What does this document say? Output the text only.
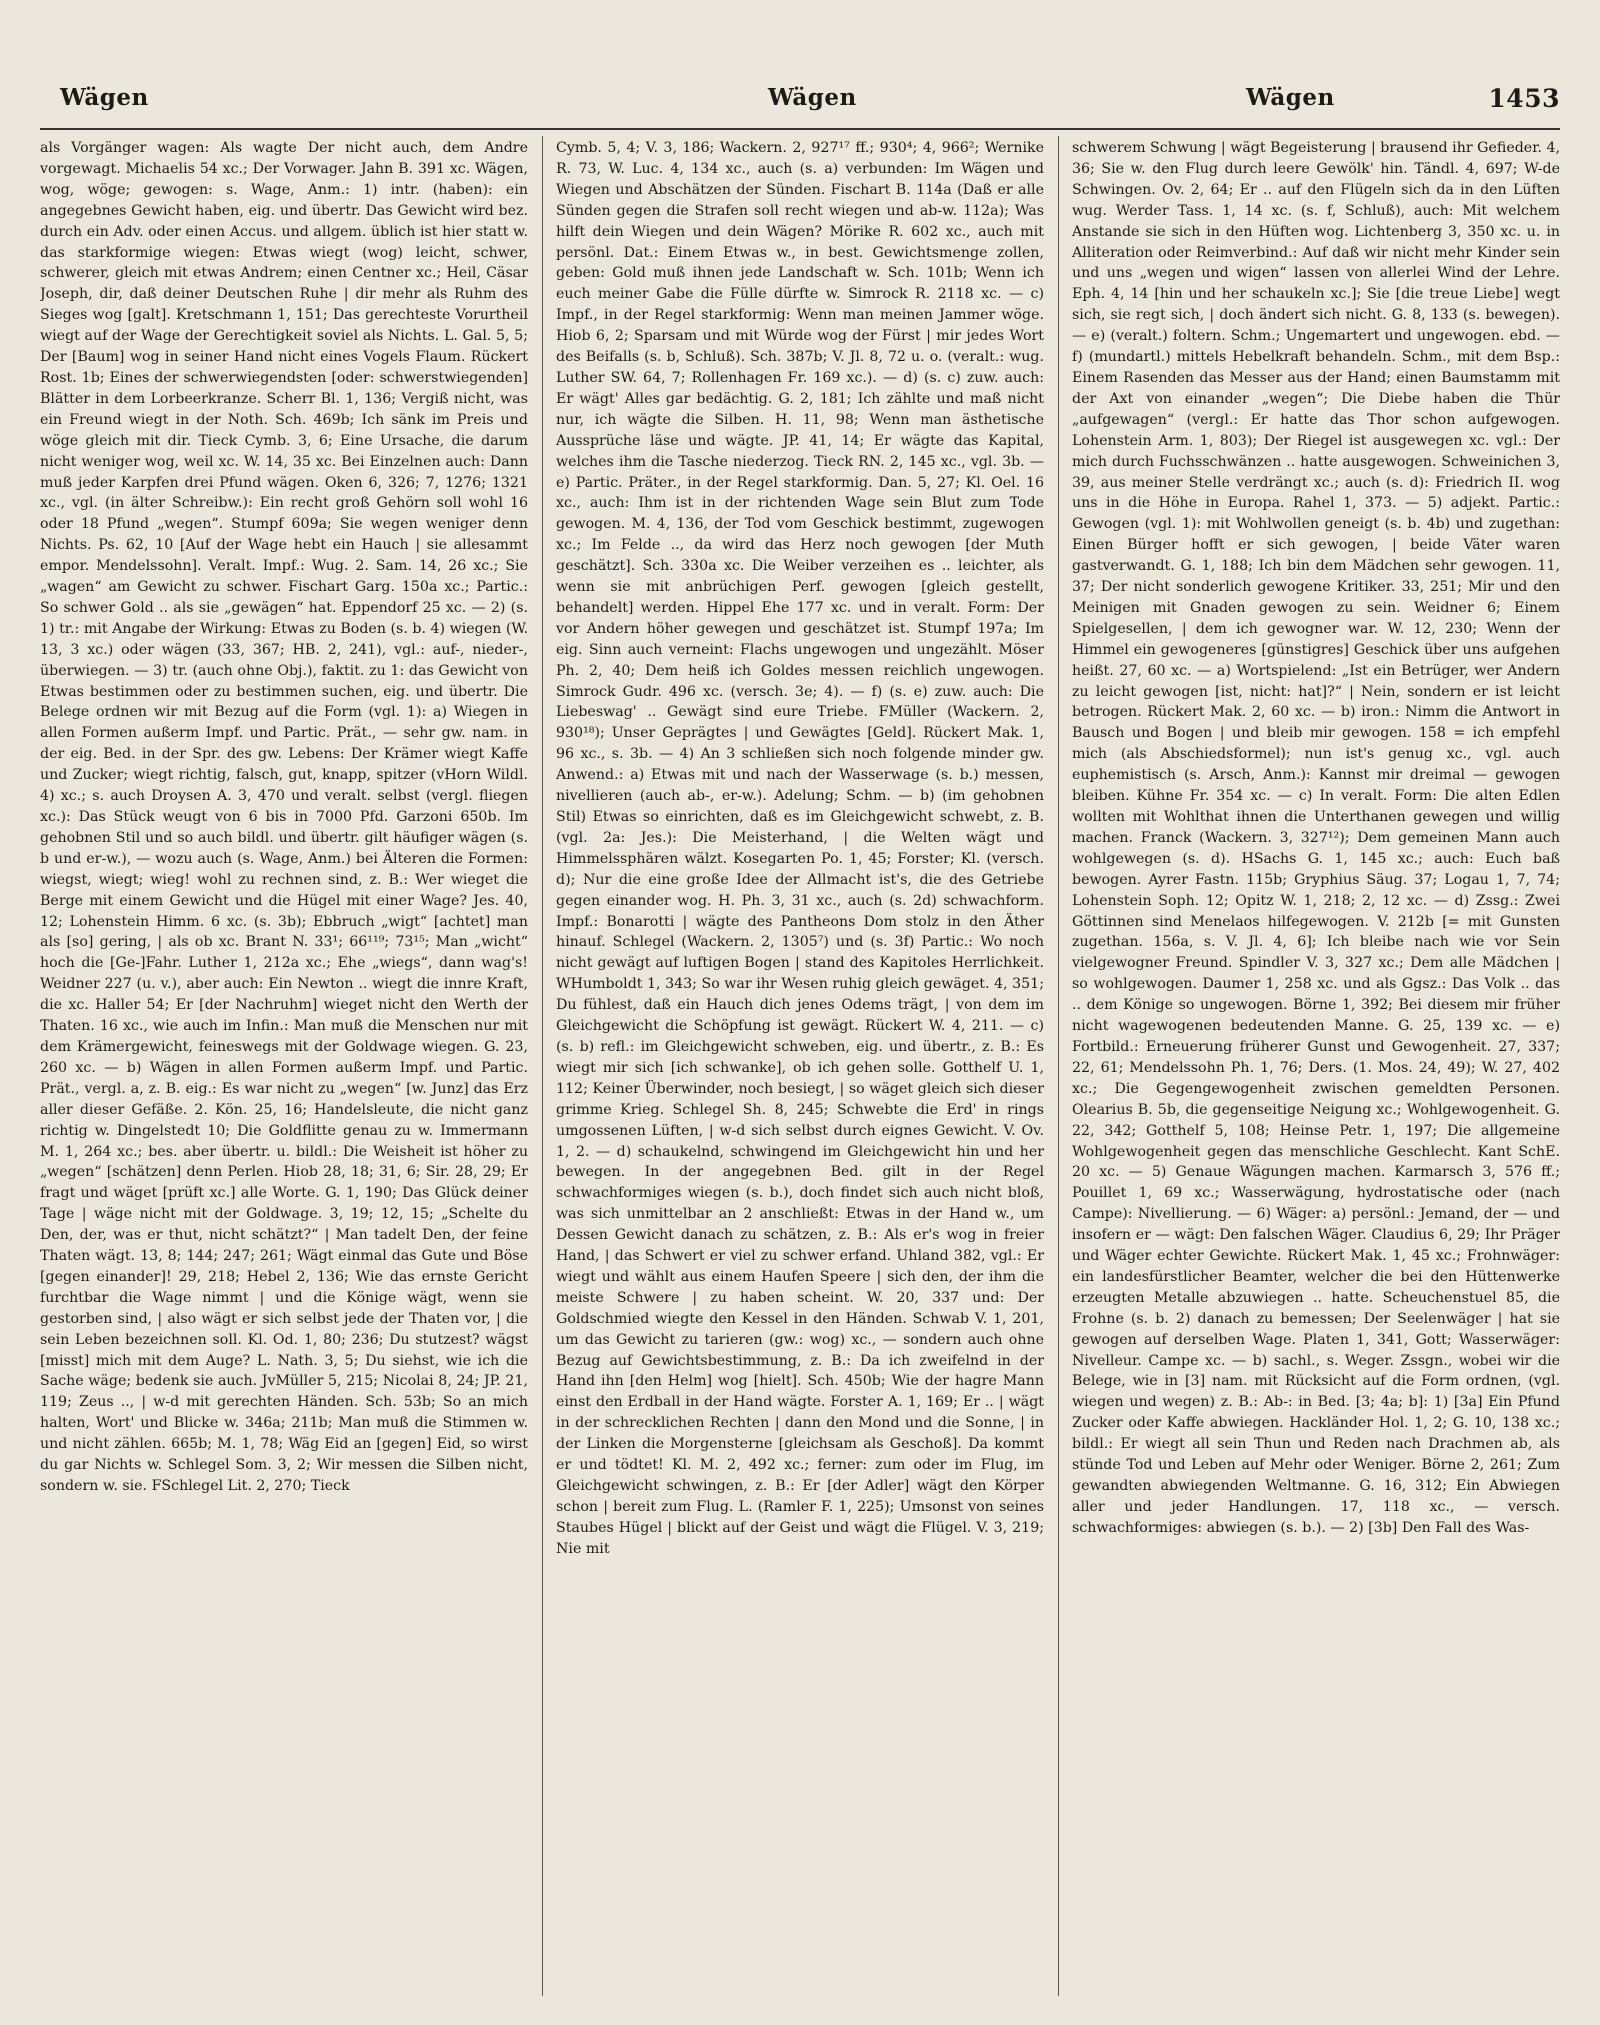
Wägen	Wägen	Wägen	1453

als Vorgänger wagen: Als wagte Der nicht auch, dem Andre vorgewagt. Michaelis 54 xc.; Der Vorwager. Jahn B. 391 xc. Wägen, wog, wöge; gewogen: s. Wage, Anm.: 1) intr. (haben): ein angegebnes Gewicht haben, eig. und übertr. Das Gewicht wird bez. durch ein Adv. oder einen Accus. und allgem. üblich ist hier statt w. das starkformige wiegen: Etwas wiegt (wog) leicht, schwer, schwerer, gleich mit etwas Andrem; einen Centner xc.; Heil, Cäsar Joseph, dir, daß deiner Deutschen Ruhe | dir mehr als Ruhm des Sieges wog [galt]. Kretschmann 1, 151; Das gerechteste Vorurtheil wiegt auf der Wage der Gerechtigkeit soviel als Nichts. L. Gal. 5, 5; Der [Baum] wog in seiner Hand nicht eines Vogels Flaum. Rückert Rost. 1b; Eines der schwerwiegendsten [oder: schwerstwiegenden] Blätter in dem Lorbeerkranze. Scherr Bl. 1, 136; Vergiß nicht, was ein Freund wiegt in der Noth. Sch. 469b; Ich sänk im Preis und wöge gleich mit dir. Tieck Cymb. 3, 6; Eine Ursache, die darum nicht weniger wog, weil xc. W. 14, 35 xc. Bei Einzelnen auch: Dann muß jeder Karpfen drei Pfund wägen. Oken 6, 326; 7, 1276; 1321 xc., vgl. (in älter Schreibw.): Ein recht groß Gehörn soll wohl 16 oder 18 Pfund „wegen“. Stumpf 609a; Sie wegen weniger denn Nichts. Ps. 62, 10 [Auf der Wage hebt ein Hauch | sie allesammt empor. Mendelssohn]. Veralt. Impf.: Wug. 2. Sam. 14, 26 xc.; Sie „wagen“ am Gewicht zu schwer. Fischart Garg. 150a xc.; Partic.: So schwer Gold .. als sie „gewägen“ hat. Eppendorf 25 xc. — 2) (s. 1) tr.: mit Angabe der Wirkung: Etwas zu Boden (s. b. 4) wiegen (W. 13, 3 xc.) oder wägen (33, 367; HB. 2, 241), vgl.: auf-, nieder-, überwiegen. — 3) tr. (auch ohne Obj.), faktit. zu 1: das Gewicht von Etwas bestimmen oder zu bestimmen suchen, eig. und übertr. Die Belege ordnen wir mit Bezug auf die Form (vgl. 1): a) Wiegen in allen Formen außerm Impf. und Partic. Prät., — sehr gw. nam. in der eig. Bed. in der Spr. des gw. Lebens: Der Krämer wiegt Kaffe und Zucker; wiegt richtig, falsch, gut, knapp, spitzer (vHorn Wildl. 4) xc.; s. auch Droysen A. 3, 470 und veralt. selbst (vergl. fliegen xc.): Das Stück weugt von 6 bis in 7000 Pfd. Garzoni 650b. Im gehobnen Stil und so auch bildl. und übertr. gilt häufiger wägen (s. b und er-w.), — wozu auch (s. Wage, Anm.) bei Älteren die Formen: wiegst, wiegt; wieg! wohl zu rechnen sind, z. B.: Wer wieget die Berge mit einem Gewicht und die Hügel mit einer Wage? Jes. 40, 12; Lohenstein Himm. 6 xc. (s. 3b); Ebbruch „wigt“ [achtet] man als [so] gering, | als ob xc. Brant N. 33¹; 66¹¹⁹; 73¹⁵; Man „wicht“ hoch die [Ge-]Fahr. Luther 1, 212a xc.; Ehe „wiegs“, dann wag's! Weidner 227 (u. v.), aber auch: Ein Newton .. wiegt die innre Kraft, die xc. Haller 54; Er [der Nachruhm] wieget nicht den Werth der Thaten. 16 xc., wie auch im Infin.: Man muß die Menschen nur mit dem Krämergewicht, feineswegs mit der Goldwage wiegen. G. 23, 260 xc. — b) Wägen in allen Formen außerm Impf. und Partic. Prät., vergl. a, z. B. eig.: Es war nicht zu „wegen“ [w. Junz] das Erz aller dieser Gefäße. 2. Kön. 25, 16; Handelsleute, die nicht ganz richtig w. Dingelstedt 10; Die Goldflitte genau zu w. Immermann M. 1, 264 xc.; bes. aber übertr. u. bildl.: Die Weisheit ist höher zu „wegen“ [schätzen] denn Perlen. Hiob 28, 18; 31, 6; Sir. 28, 29; Er fragt und wäget [prüft xc.] alle Worte. G. 1, 190; Das Glück deiner Tage | wäge nicht mit der Goldwage. 3, 19; 12, 15; „Schelte du Den, der, was er thut, nicht schätzt?“ | Man tadelt Den, der feine Thaten wägt. 13, 8; 144; 247; 261; Wägt einmal das Gute und Böse [gegen einander]! 29, 218; Hebel 2, 136; Wie das ernste Gericht furchtbar die Wage nimmt | und die Könige wägt, wenn sie gestorben sind, | also wägt er sich selbst jede der Thaten vor, | die sein Leben bezeichnen soll. Kl. Od. 1, 80; 236; Du stutzest? wägst [misst] mich mit dem Auge? L. Nath. 3, 5; Du siehst, wie ich die Sache wäge; bedenk sie auch. JvMüller 5, 215; Nicolai 8, 24; JP. 21, 119; Zeus .., | w-d mit gerechten Händen. Sch. 53b; So an mich halten, Wort' und Blicke w. 346a; 211b; Man muß die Stimmen w. und nicht zählen. 665b; M. 1, 78; Wäg Eid an [gegen] Eid, so wirst du gar Nichts w. Schlegel Som. 3, 2; Wir messen die Silben nicht, sondern w. sie. FSchlegel Lit. 2, 270; Tieck

Cymb. 5, 4; V. 3, 186; Wackern. 2, 927¹⁷ ff.; 930⁴; 4, 966²; Wernike R. 73, W. Luc. 4, 134 xc., auch (s. a) verbunden: Im Wägen und Wiegen und Abschätzen der Sünden. Fischart B. 114a (Daß er alle Sünden gegen die Strafen soll recht wiegen und ab-w. 112a); Was hilft dein Wiegen und dein Wägen? Mörike R. 602 xc., auch mit persönl. Dat.: Einem Etwas w., in best. Gewichtsmenge zollen, geben: Gold muß ihnen jede Landschaft w. Sch. 101b; Wenn ich euch meiner Gabe die Fülle dürfte w. Simrock R. 2118 xc. — c) Impf., in der Regel starkformig: Wenn man meinen Jammer wöge. Hiob 6, 2; Sparsam und mit Würde wog der Fürst | mir jedes Wort des Beifalls (s. b, Schluß). Sch. 387b; V. Jl. 8, 72 u. o. (veralt.: wug. Luther SW. 64, 7; Rollenhagen Fr. 169 xc.). — d) (s. c) zuw. auch: Er wägt' Alles gar bedächtig. G. 2, 181; Ich zählte und maß nicht nur, ich wägte die Silben. H. 11, 98; Wenn man ästhetische Aussprüche läse und wägte. JP. 41, 14; Er wägte das Kapital, welches ihm die Tasche niederzog. Tieck RN. 2, 145 xc., vgl. 3b. — e) Partic. Präter., in der Regel starkformig. Dan. 5, 27; Kl. Oel. 16 xc., auch: Ihm ist in der richtenden Wage sein Blut zum Tode gewogen. M. 4, 136, der Tod vom Geschick bestimmt, zugewogen xc.; Im Felde .., da wird das Herz noch gewogen [der Muth geschätzt]. Sch. 330a xc. Die Weiber verzeihen es .. leichter, als wenn sie mit anbrüchigen Perf. gewogen [gleich gestellt, behandelt] werden. Hippel Ehe 177 xc. und in veralt. Form: Der vor Andern höher gewegen und geschätzet ist. Stumpf 197a; Im eig. Sinn auch verneint: Flachs ungewogen und ungezählt. Möser Ph. 2, 40; Dem heiß ich Goldes messen reichlich ungewogen. Simrock Gudr. 496 xc. (versch. 3e; 4). — f) (s. e) zuw. auch: Die Liebeswag' .. Gewägt sind eure Triebe. FMüller (Wackern. 2, 930¹⁸); Unser Geprägtes | und Gewägtes [Geld]. Rückert Mak. 1, 96 xc., s. 3b. — 4) An 3 schließen sich noch folgende minder gw. Anwend.: a) Etwas mit und nach der Wasserwage (s. b.) messen, nivellieren (auch ab-, er-w.). Adelung; Schm. — b) (im gehobnen Stil) Etwas so einrichten, daß es im Gleichgewicht schwebt, z. B. (vgl. 2a: Jes.): Die Meisterhand, | die Welten wägt und Himmelssphären wälzt. Kosegarten Po. 1, 45; Forster; Kl. (versch. d); Nur die eine große Idee der Allmacht ist's, die des Getriebe gegen einander wog. H. Ph. 3, 31 xc., auch (s. 2d) schwachform. Impf.: Bonarotti | wägte des Pantheons Dom stolz in den Äther hinauf. Schlegel (Wackern. 2, 1305⁷) und (s. 3f) Partic.: Wo noch nicht gewägt auf luftigen Bogen | stand des Kapitoles Herrlichkeit. WHumboldt 1, 343; So war ihr Wesen ruhig gleich gewäget. 4, 351; Du fühlest, daß ein Hauch dich jenes Odems trägt, | von dem im Gleichgewicht die Schöpfung ist gewägt. Rückert W. 4, 211. — c) (s. b) refl.: im Gleichgewicht schweben, eig. und übertr., z. B.: Es wiegt mir sich [ich schwanke], ob ich gehen solle. Gotthelf U. 1, 112; Keiner Überwinder, noch besiegt, | so wäget gleich sich dieser grimme Krieg. Schlegel Sh. 8, 245; Schwebte die Erd' in rings umgossenen Lüften, | w-d sich selbst durch eignes Gewicht. V. Ov. 1, 2. — d) schaukelnd, schwingend im Gleichgewicht hin und her bewegen. In der angegebnen Bed. gilt in der Regel schwachformiges wiegen (s. b.), doch findet sich auch nicht bloß, was sich unmittelbar an 2 anschließt: Etwas in der Hand w., um Dessen Gewicht danach zu schätzen, z. B.: Als er's wog in freier Hand, | das Schwert er viel zu schwer erfand. Uhland 382, vgl.: Er wiegt und wählt aus einem Haufen Speere | sich den, der ihm die meiste Schwere | zu haben scheint. W. 20, 337 und: Der Goldschmied wiegte den Kessel in den Händen. Schwab V. 1, 201, um das Gewicht zu tarieren (gw.: wog) xc., — sondern auch ohne Bezug auf Gewichtsbestimmung, z. B.: Da ich zweifelnd in der Hand ihn [den Helm] wog [hielt]. Sch. 450b; Wie der hagre Mann einst den Erdball in der Hand wägte. Forster A. 1, 169; Er .. | wägt in der schrecklichen Rechten | dann den Mond und die Sonne, | in der Linken die Morgensterne [gleichsam als Geschoß]. Da kommt er und tödtet! Kl. M. 2, 492 xc.; ferner: zum oder im Flug, im Gleichgewicht schwingen, z. B.: Er [der Adler] wägt den Körper schon | bereit zum Flug. L. (Ramler F. 1, 225); Umsonst von seines Staubes Hügel | blickt auf der Geist und wägt die Flügel. V. 3, 219; Nie mit

schwerem Schwung | wägt Begeisterung | brausend ihr Gefieder. 4, 36; Sie w. den Flug durch leere Gewölk' hin. Tändl. 4, 697; W-de Schwingen. Ov. 2, 64; Er .. auf den Flügeln sich da in den Lüften wug. Werder Tass. 1, 14 xc. (s. f, Schluß), auch: Mit welchem Anstande sie sich in den Hüften wog. Lichtenberg 3, 350 xc. u. in Alliteration oder Reimverbind.: Auf daß wir nicht mehr Kinder sein und uns „wegen und wigen“ lassen von allerlei Wind der Lehre. Eph. 4, 14 [hin und her schaukeln xc.]; Sie [die treue Liebe] wegt sich, sie regt sich, | doch ändert sich nicht. G. 8, 133 (s. bewegen). — e) (veralt.) foltern. Schm.; Ungemartert und ungewogen. ebd. — f) (mundartl.) mittels Hebelkraft behandeln. Schm., mit dem Bsp.: Einem Rasenden das Messer aus der Hand; einen Baumstamm mit der Axt von einander „wegen“; Die Diebe haben die Thür „aufgewagen“ (vergl.: Er hatte das Thor schon aufgewogen. Lohenstein Arm. 1, 803); Der Riegel ist ausgewegen xc. vgl.: Der mich durch Fuchsschwänzen .. hatte ausgewogen. Schweinichen 3, 39, aus meiner Stelle verdrängt xc.; auch (s. d): Friedrich II. wog uns in die Höhe in Europa. Rahel 1, 373. — 5) adjekt. Partic.: Gewogen (vgl. 1): mit Wohlwollen geneigt (s. b. 4b) und zugethan: Einen Bürger hofft er sich gewogen, | beide Väter waren gastverwandt. G. 1, 188; Ich bin dem Mädchen sehr gewogen. 11, 37; Der nicht sonderlich gewogene Kritiker. 33, 251; Mir und den Meinigen mit Gnaden gewogen zu sein. Weidner 6; Einem Spielgesellen, | dem ich gewogner war. W. 12, 230; Wenn der Himmel ein gewogeneres [günstigres] Geschick über uns aufgehen heißt. 27, 60 xc. — a) Wortspielend: „Ist ein Betrüger, wer Andern zu leicht gewogen [ist, nicht: hat]?“ | Nein, sondern er ist leicht betrogen. Rückert Mak. 2, 60 xc. — b) iron.: Nimm die Antwort in Bausch und Bogen | und bleib mir gewogen. 158 = ich empfehl mich (als Abschiedsformel); nun ist's genug xc., vgl. auch euphemistisch (s. Arsch, Anm.): Kannst mir dreimal — gewogen bleiben. Kühne Fr. 354 xc. — c) In veralt. Form: Die alten Edlen wollten mit Wohlthat ihnen die Unterthanen gewegen und willig machen. Franck (Wackern. 3, 327¹²); Dem gemeinen Mann auch wohlgewegen (s. d). HSachs G. 1, 145 xc.; auch: Euch baß bewogen. Ayrer Fastn. 115b; Gryphius Säug. 37; Logau 1, 7, 74; Lohenstein Soph. 12; Opitz W. 1, 218; 2, 12 xc. — d) Zssg.: Zwei Göttinnen sind Menelaos hilfegewogen. V. 212b [= mit Gunsten zugethan. 156a, s. V. Jl. 4, 6]; Ich bleibe nach wie vor Sein vielgewogner Freund. Spindler V. 3, 327 xc.; Dem alle Mädchen | so wohlgewogen. Daumer 1, 258 xc. und als Ggsz.: Das Volk .. das .. dem Könige so ungewogen. Börne 1, 392; Bei diesem mir früher nicht wagewogenen bedeutenden Manne. G. 25, 139 xc. — e) Fortbild.: Erneuerung früherer Gunst und Gewogenheit. 27, 337; 22, 61; Mendelssohn Ph. 1, 76; Ders. (1. Mos. 24, 49); W. 27, 402 xc.; Die Gegengewogenheit zwischen gemeldten Personen. Olearius B. 5b, die gegenseitige Neigung xc.; Wohlgewogenheit. G. 22, 342; Gotthelf 5, 108; Heinse Petr. 1, 197; Die allgemeine Wohlgewogenheit gegen das menschliche Geschlecht. Kant SchE. 20 xc. — 5) Genaue Wägungen machen. Karmarsch 3, 576 ff.; Pouillet 1, 69 xc.; Wasserwägung, hydrostatische oder (nach Campe): Nivellierung. — 6) Wäger: a) persönl.: Jemand, der — und insofern er — wägt: Den falschen Wäger. Claudius 6, 29; Ihr Präger und Wäger echter Gewichte. Rückert Mak. 1, 45 xc.; Frohnwäger: ein landesfürstlicher Beamter, welcher die bei den Hüttenwerke erzeugten Metalle abzuwiegen .. hatte. Scheuchenstuel 85, die Frohne (s. b. 2) danach zu bemessen; Der Seelenwäger | hat sie gewogen auf derselben Wage. Platen 1, 341, Gott; Wasserwäger: Nivelleur. Campe xc. — b) sachl., s. Weger. Zssgn., wobei wir die Belege, wie in [3] nam. mit Rücksicht auf die Form ordnen, (vgl. wiegen und wegen) z. B.: Ab-: in Bed. [3; 4a; b]: 1) [3a] Ein Pfund Zucker oder Kaffe abwiegen. Hackländer Hol. 1, 2; G. 10, 138 xc.; bildl.: Er wiegt all sein Thun und Reden nach Drachmen ab, als stünde Tod und Leben auf Mehr oder Weniger. Börne 2, 261; Zum gewandten abwiegenden Weltmanne. G. 16, 312; Ein Abwiegen aller und jeder Handlungen. 17, 118 xc., — versch. schwachformiges: abwiegen (s. b.). — 2) [3b] Den Fall des Was-
